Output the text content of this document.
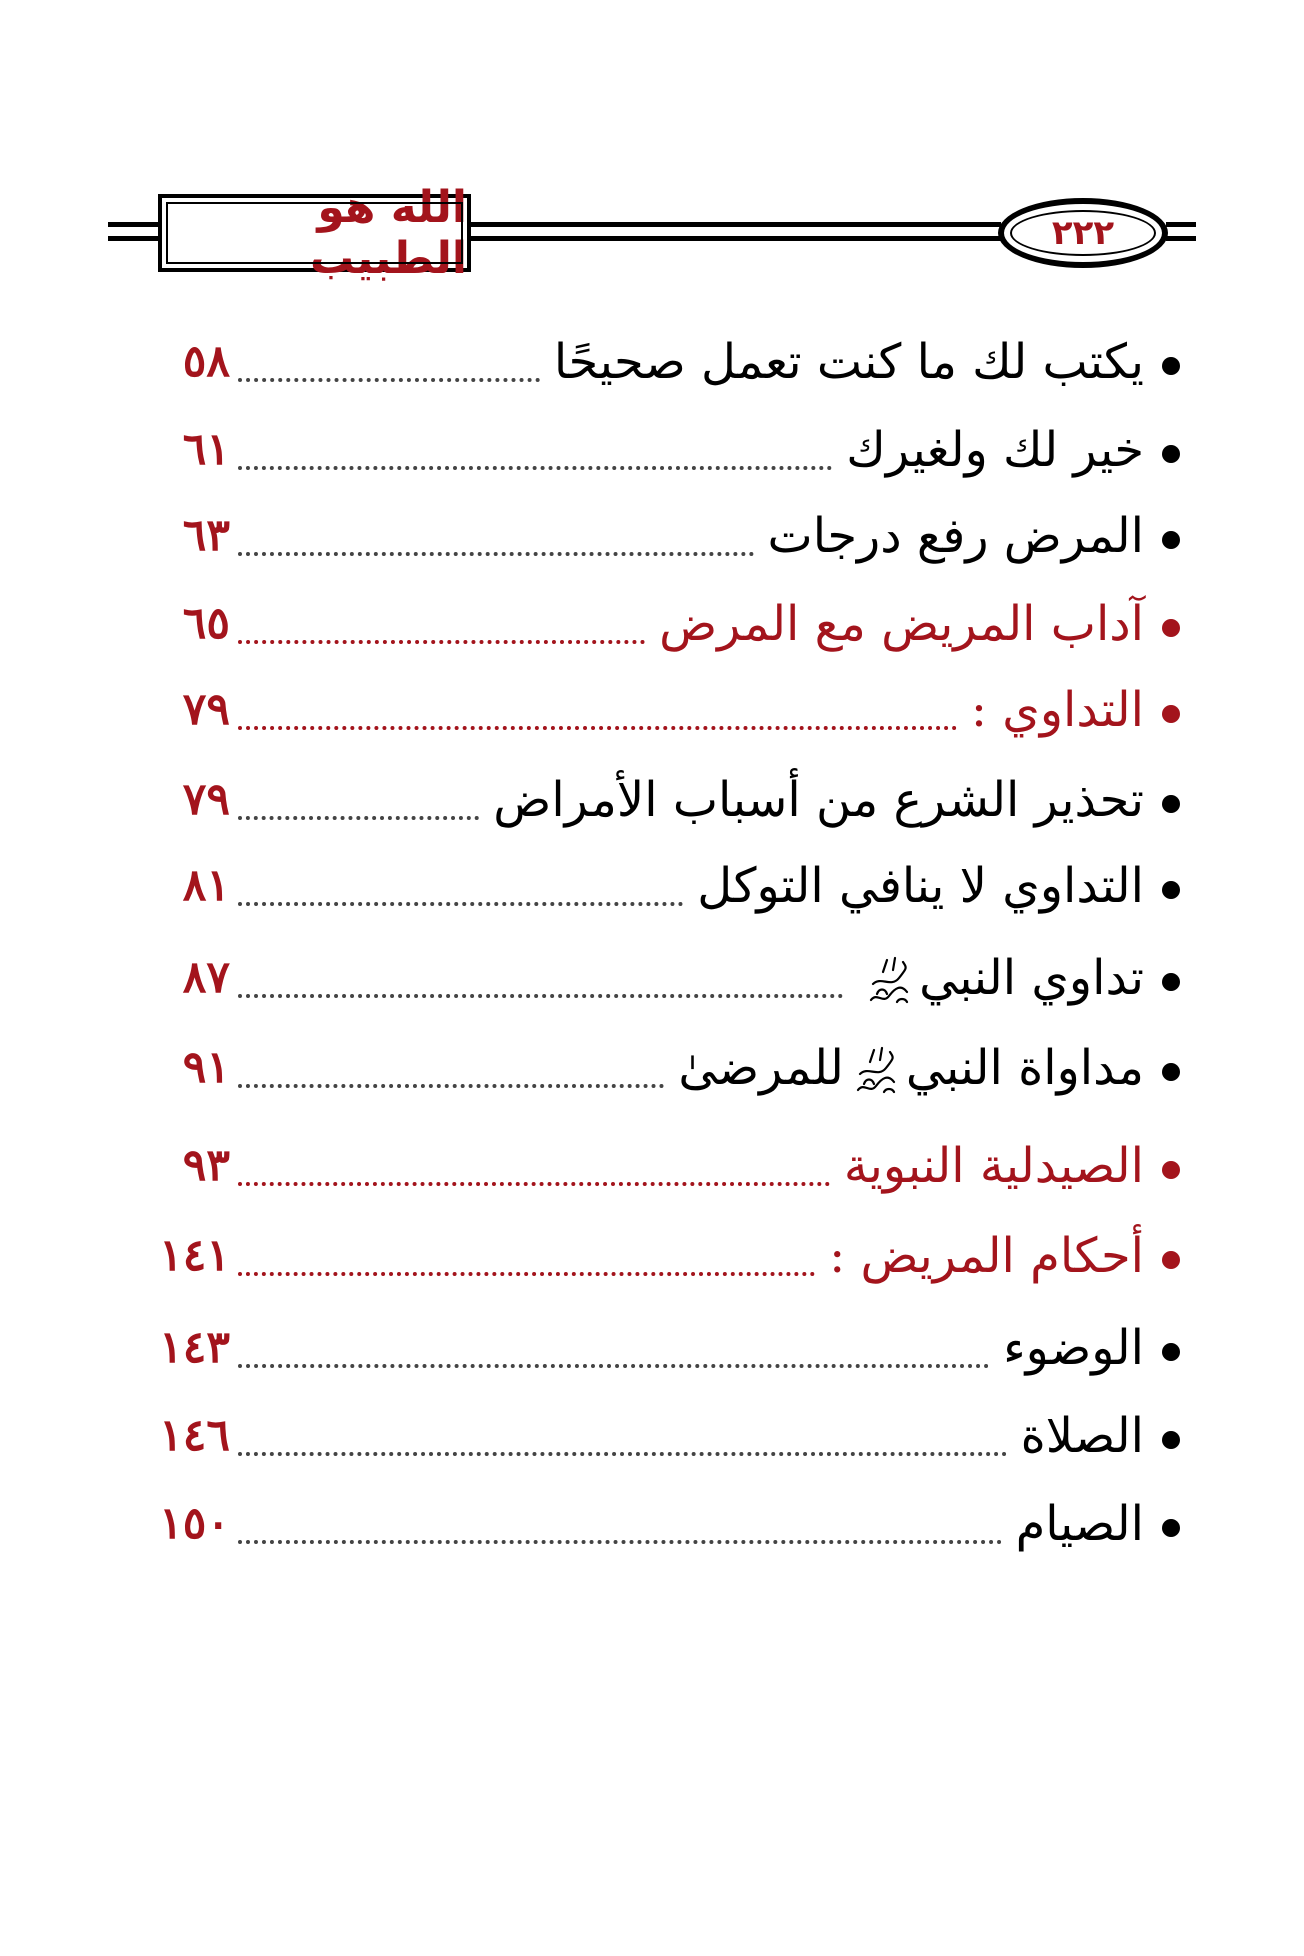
الله هو الطبيب	٢٢٢
يكتب لك ما كنت تعمل صحيحًا
٥٨
خير لك ولغيرك
٦١
المرض رفع درجات
٦٣
آداب المريض مع المرض
٦٥
التداوي :
٧٩
تحذير الشرع من أسباب الأمراض
٧٩
التداوي لا ينافي التوكل
٨١
تداوي النبي
٨٧
مداواة النبيللمرضىٰ
٩١
الصيدلية النبوية
٩٣
أحكام المريض :
١٤١
الوضوء
١٤٣
الصلاة
١٤٦
الصيام
١٥٠
